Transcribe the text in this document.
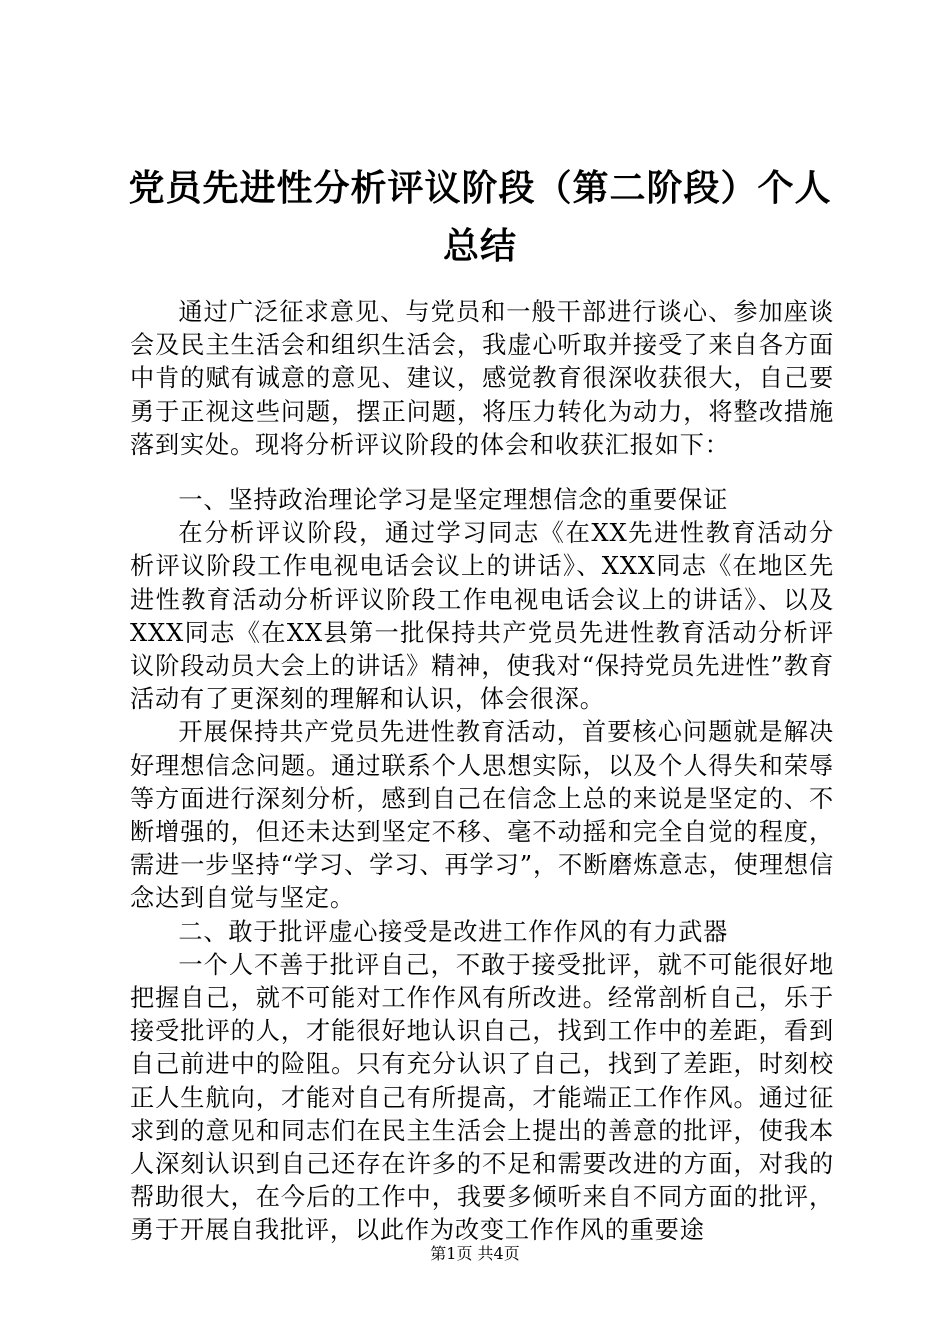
党员先进性分析评议阶段（第二阶段）个人总结

通过广泛征求意见、与党员和一般干部进行谈心、参加座谈会及民主生活会和组织生活会，我虚心听取并接受了来自各方面中肯的赋有诚意的意见、建议，感觉教育很深收获很大，自己要勇于正视这些问题，摆正问题，将压力转化为动力，将整改措施落到实处。现将分析评议阶段的体会和收获汇报如下：

一、坚持政治理论学习是坚定理想信念的重要保证

在分析评议阶段，通过学习同志《在XX先进性教育活动分析评议阶段工作电视电话会议上的讲话》、XXX同志《在地区先进性教育活动分析评议阶段工作电视电话会议上的讲话》、以及XXX同志《在XX县第一批保持共产党员先进性教育活动分析评议阶段动员大会上的讲话》精神，使我对“保持党员先进性”教育活动有了更深刻的理解和认识，体会很深。

开展保持共产党员先进性教育活动，首要核心问题就是解决好理想信念问题。通过联系个人思想实际，以及个人得失和荣辱等方面进行深刻分析，感到自己在信念上总的来说是坚定的、不断增强的，但还未达到坚定不移、毫不动摇和完全自觉的程度，需进一步坚持“学习、学习、再学习”，不断磨炼意志，使理想信念达到自觉与坚定。

二、敢于批评虚心接受是改进工作作风的有力武器

一个人不善于批评自己，不敢于接受批评，就不可能很好地把握自己，就不可能对工作作风有所改进。经常剖析自己，乐于接受批评的人，才能很好地认识自己，找到工作中的差距，看到自己前进中的险阻。只有充分认识了自己，找到了差距，时刻校正人生航向，才能对自己有所提高，才能端正工作作风。通过征求到的意见和同志们在民主生活会上提出的善意的批评，使我本人深刻认识到自己还存在许多的不足和需要改进的方面，对我的帮助很大，在今后的工作中，我要多倾听来自不同方面的批评，勇于开展自我批评，以此作为改变工作作风的重要途

第1页 共4页
